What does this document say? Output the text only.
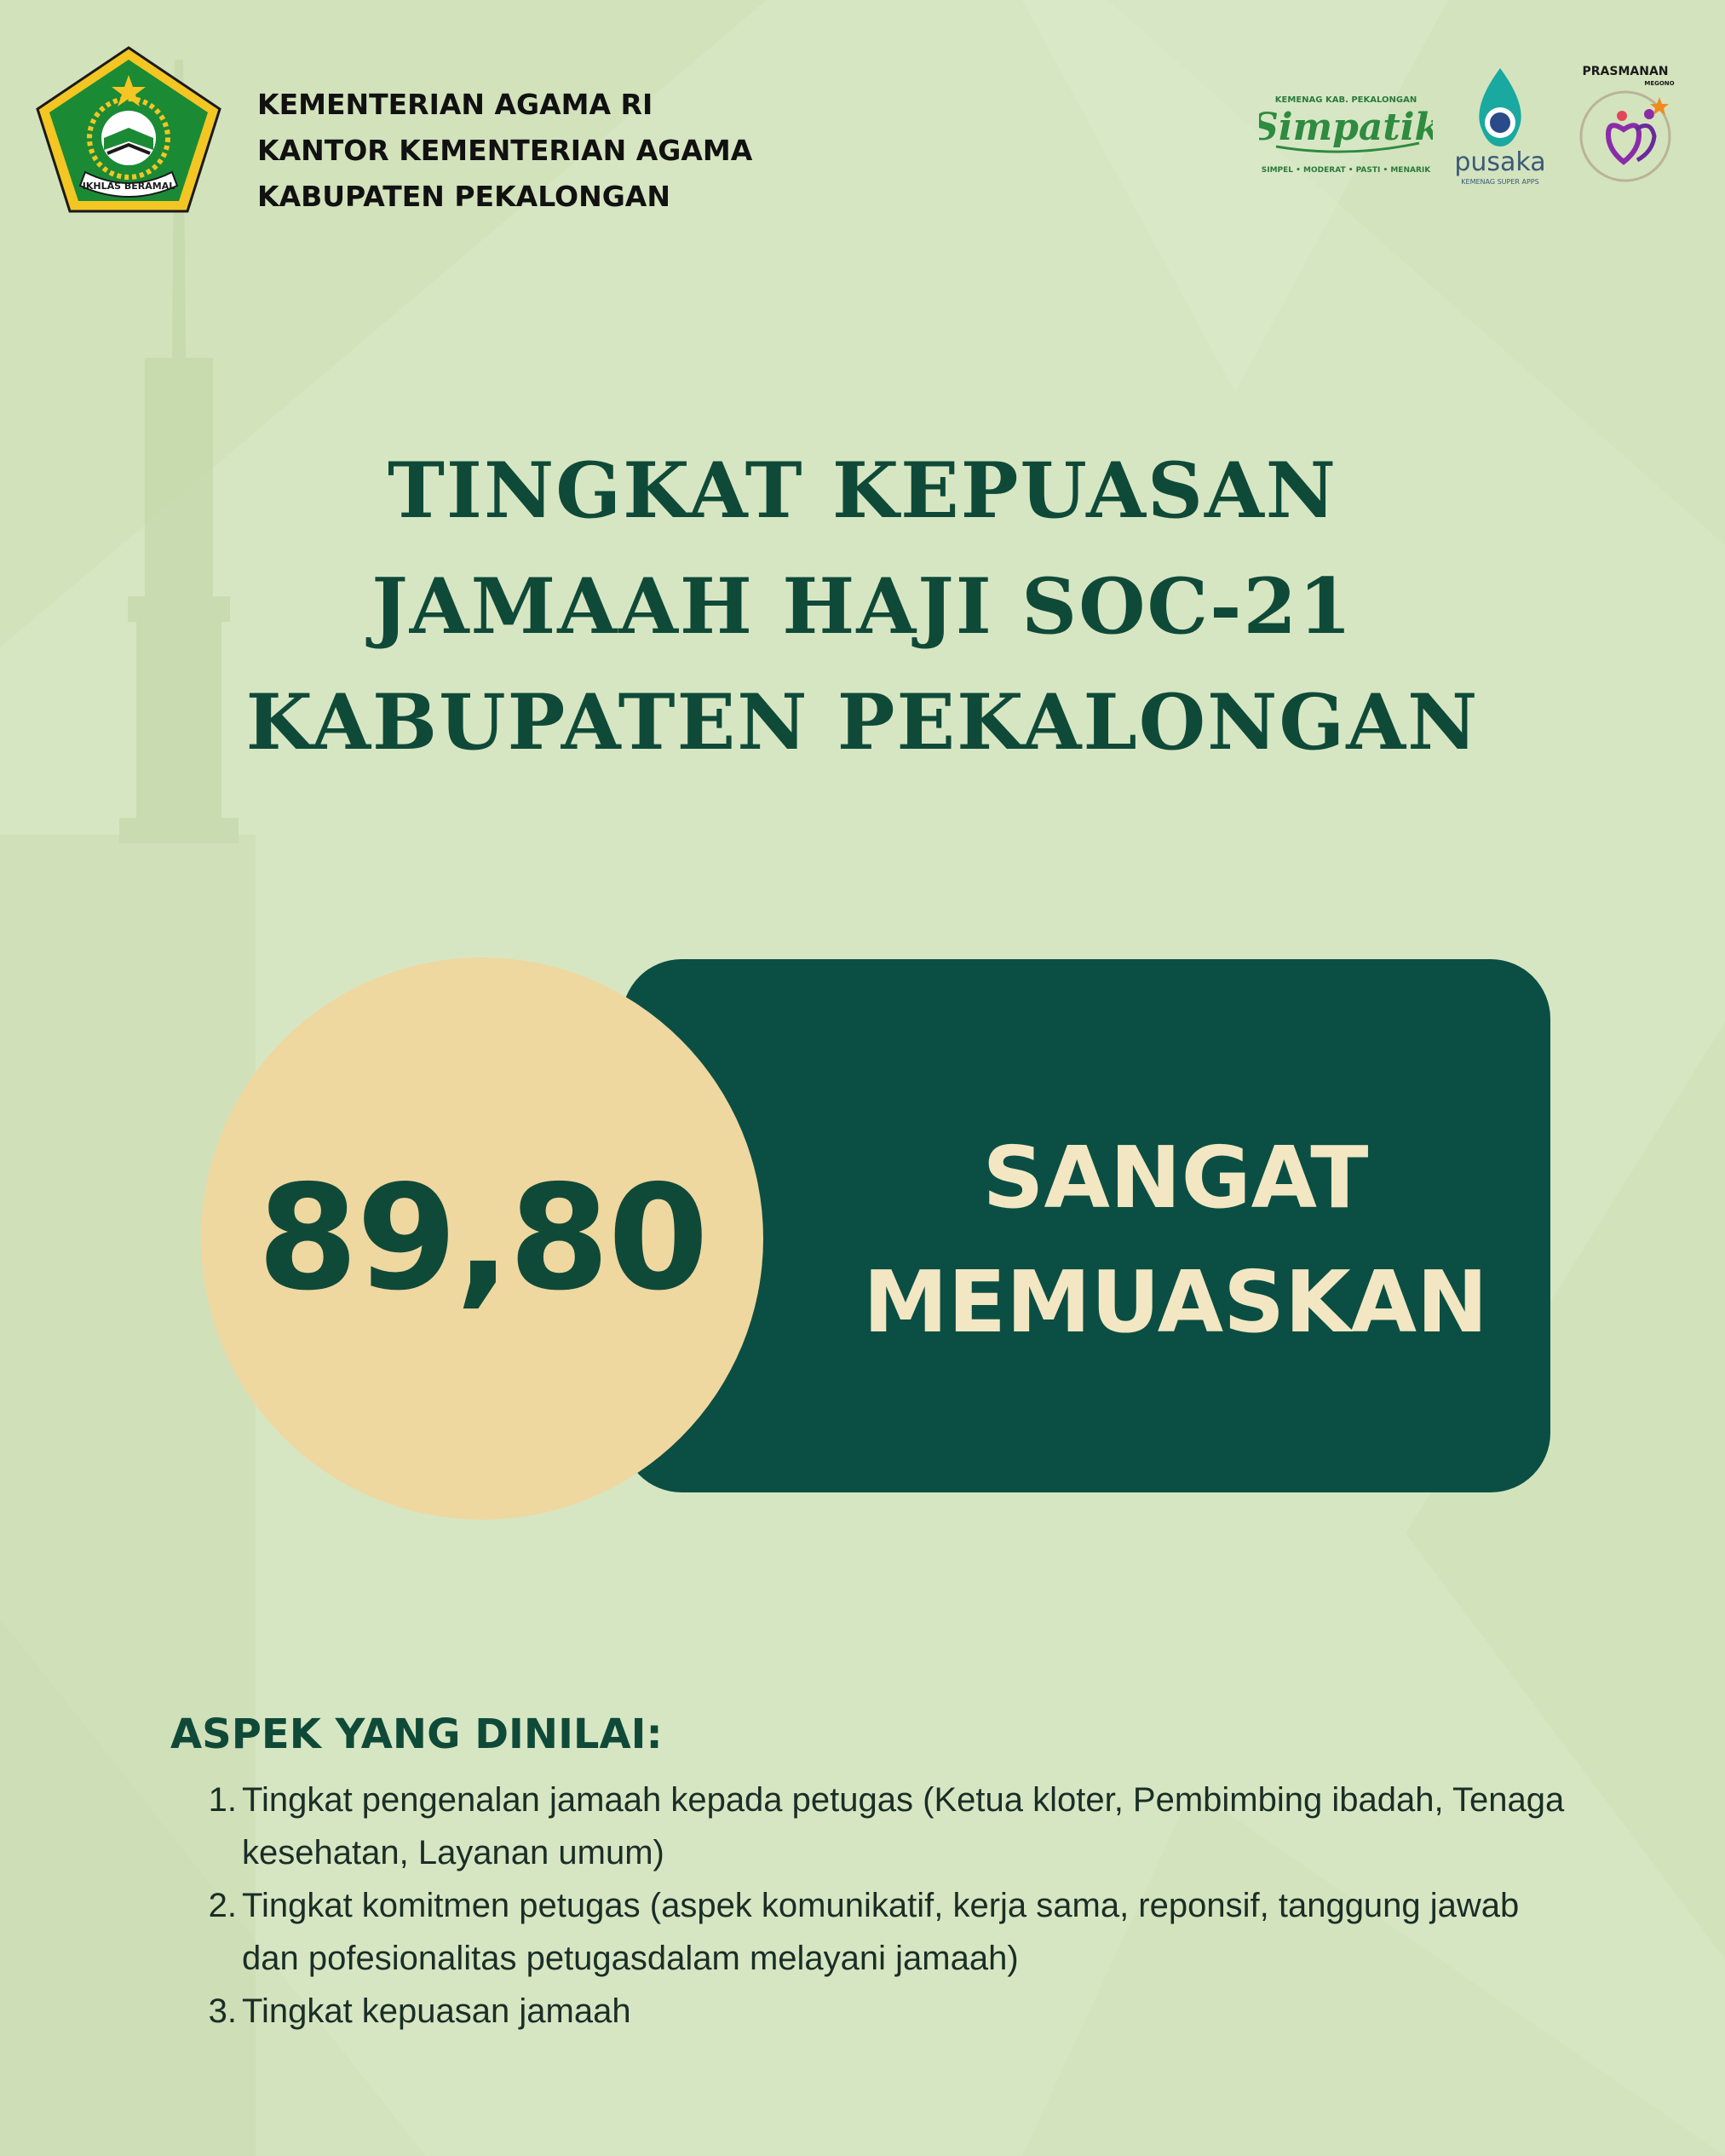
IKHLAS BERAMAL
KEMENTERIAN AGAMA RI
KANTOR KEMENTERIAN AGAMA
KABUPATEN PEKALONGAN
KEMENAG KAB. PEKALONGAN
Simpatik
SIMPEL • MODERAT • PASTI • MENARIK pusaka
KEMENAG SUPER APPS
PRASMANAN
MEGONO
TINGKAT KEPUASAN
JAMAAH HAJI SOC-21
KABUPATEN PEKALONGAN
SANGAT
MEMUASKAN
89,80
ASPEK YANG DINILAI:
1. Tingkat pengenalan jamaah kepada petugas (Ketua kloter, Pembimbing ibadah, Tenaga kesehatan, Layanan umum)
2. Tingkat komitmen petugas (aspek komunikatif, kerja sama, reponsif, tanggung jawab dan pofesionalitas petugasdalam melayani jamaah)
3. Tingkat kepuasan jamaah
